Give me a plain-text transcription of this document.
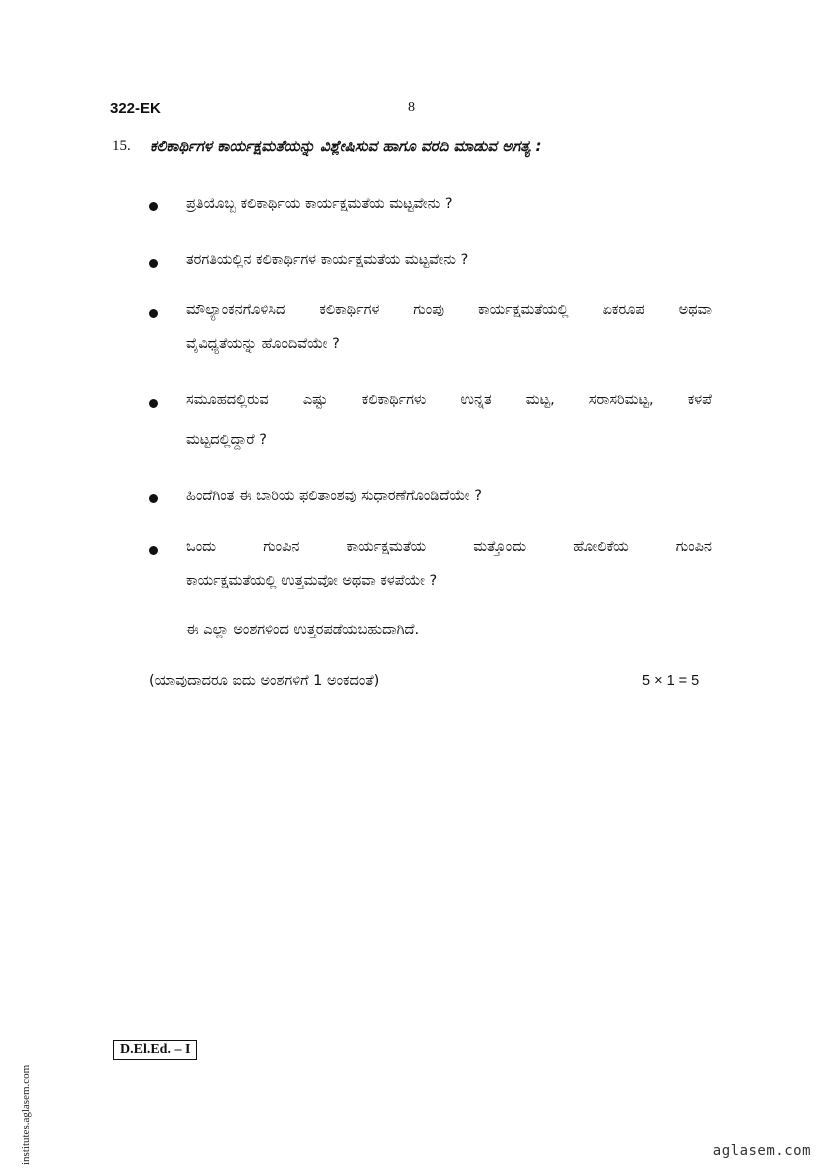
322-EK	8
15. ಕಲಿಕಾರ್ಥಿಗಳ ಕಾರ್ಯಕ್ಷಮತೆಯನ್ನು ವಿಶ್ಲೇಷಿಸುವ ಹಾಗೂ ವರದಿ ಮಾಡುವ ಅಗತ್ಯ :
ಪ್ರತಿಯೊಬ್ಬ ಕಲಿಕಾರ್ಥಿಯ ಕಾರ್ಯಕ್ಷಮತೆಯ ಮಟ್ಟವೇನು ?
ತರಗತಿಯಲ್ಲಿನ ಕಲಿಕಾರ್ಥಿಗಳ ಕಾರ್ಯಕ್ಷಮತೆಯ ಮಟ್ಟವೇನು ?
ಮೌಲ್ಯಾಂಕನಗೊಳಿಸಿದ ಕಲಿಕಾರ್ಥಿಗಳ ಗುಂಪು ಕಾರ್ಯಕ್ಷಮತೆಯಲ್ಲಿ ಏಕರೂಪ ಅಥವಾ
ವೈವಿಧ್ಯತೆಯನ್ನು ಹೊಂದಿವೆಯೇ ?
ಸಮೂಹದಲ್ಲಿರುವ ಎಷ್ಟು ಕಲಿಕಾರ್ಥಿಗಳು ಉನ್ನತ ಮಟ್ಟ, ಸರಾಸರಿಮಟ್ಟ, ಕಳಪೆ
ಮಟ್ಟದಲ್ಲಿದ್ದಾರೆ ?
ಹಿಂದೆಗಿಂತ ಈ ಬಾರಿಯ ಫಲಿತಾಂಶವು ಸುಧಾರಣೆಗೊಂಡಿದೆಯೇ ?
ಒಂದು ಗುಂಪಿನ ಕಾರ್ಯಕ್ಷಮತೆಯ ಮತ್ತೊಂದು ಹೋಲಿಕೆಯ ಗುಂಪಿನ
ಕಾರ್ಯಕ್ಷಮತೆಯಲ್ಲಿ ಉತ್ತಮವೋ ಅಥವಾ ಕಳಪೆಯೇ ?
ಈ ಎಲ್ಲಾ ಅಂಶಗಳಿಂದ ಉತ್ತರಪಡೆಯಬಹುದಾಗಿದೆ.
(ಯಾವುದಾದರೂ ಐದು ಅಂಶಗಳಿಗೆ 1 ಅಂಕದಂತೆ)	5 × 1 = 5
D.El.Ed. – I
institutes.aglasem.com	aglasem.com
